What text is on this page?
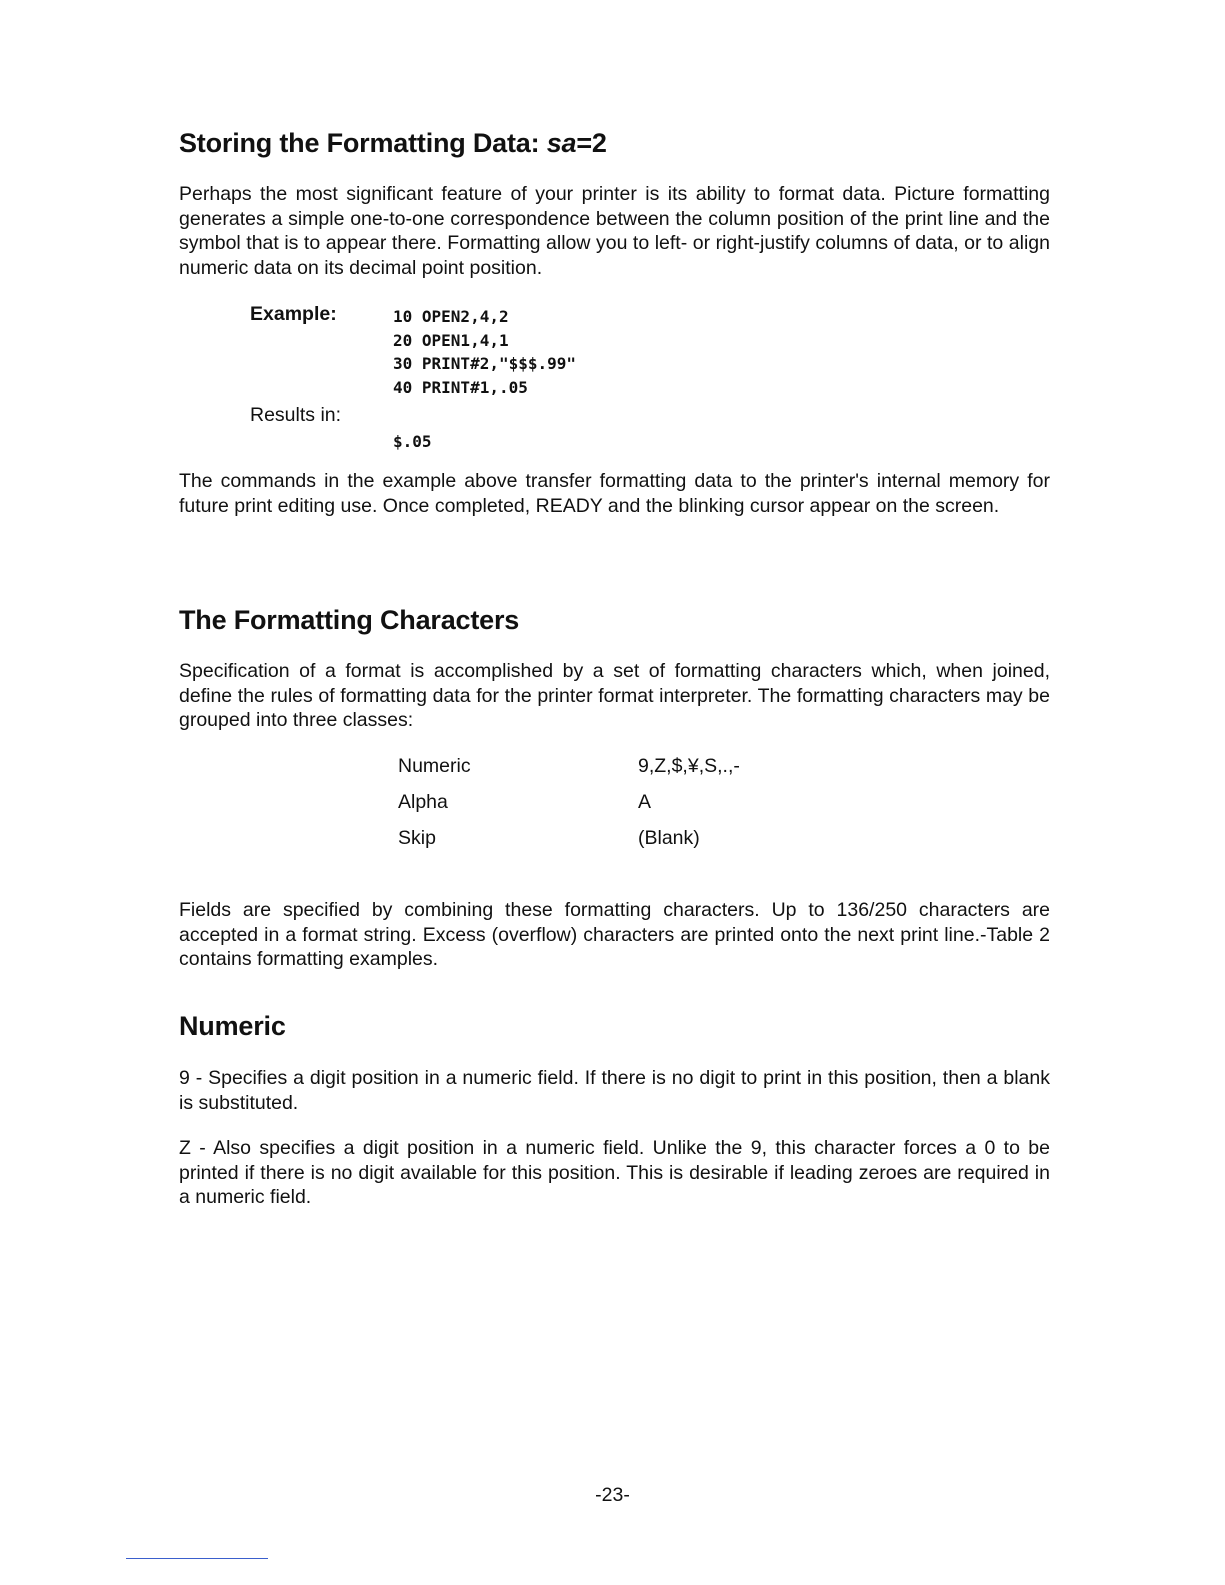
Storing the Formatting Data: sa=2

Perhaps the most significant feature of your printer is its ability to format data. Picture formatting generates a simple one-to-one correspondence between the column position of the print line and the symbol that is to appear there. Formatting allow you to left- or right-justify columns of data, or to align numeric data on its decimal point position.

Example:	10 OPEN2,4,2
20 OPEN1,4,1
30 PRINT#2,"$$$.99"
40 PRINT#1,.05
Results in:
$.05

The commands in the example above transfer formatting data to the printer's internal memory for future print editing use. Once completed, READY and the blinking cursor appear on the screen.

The Formatting Characters

Specification of a format is accomplished by a set of formatting characters which, when joined, define the rules of formatting data for the printer format interpreter. The formatting characters may be grouped into three classes:

Numeric	9,Z,$,¥,S,.,-
Alpha	A
Skip	(Blank)

Fields are specified by combining these formatting characters. Up to 136/250 characters are accepted in a format string. Excess (overflow) characters are printed onto the next print line.-Table 2 contains formatting examples.

Numeric

9 - Specifies a digit position in a numeric field. If there is no digit to print in this position, then a blank is substituted.

Z - Also specifies a digit position in a numeric field. Unlike the 9, this character forces a 0 to be printed if there is no digit available for this position. This is desirable if leading zeroes are required in a numeric field.

-23-
